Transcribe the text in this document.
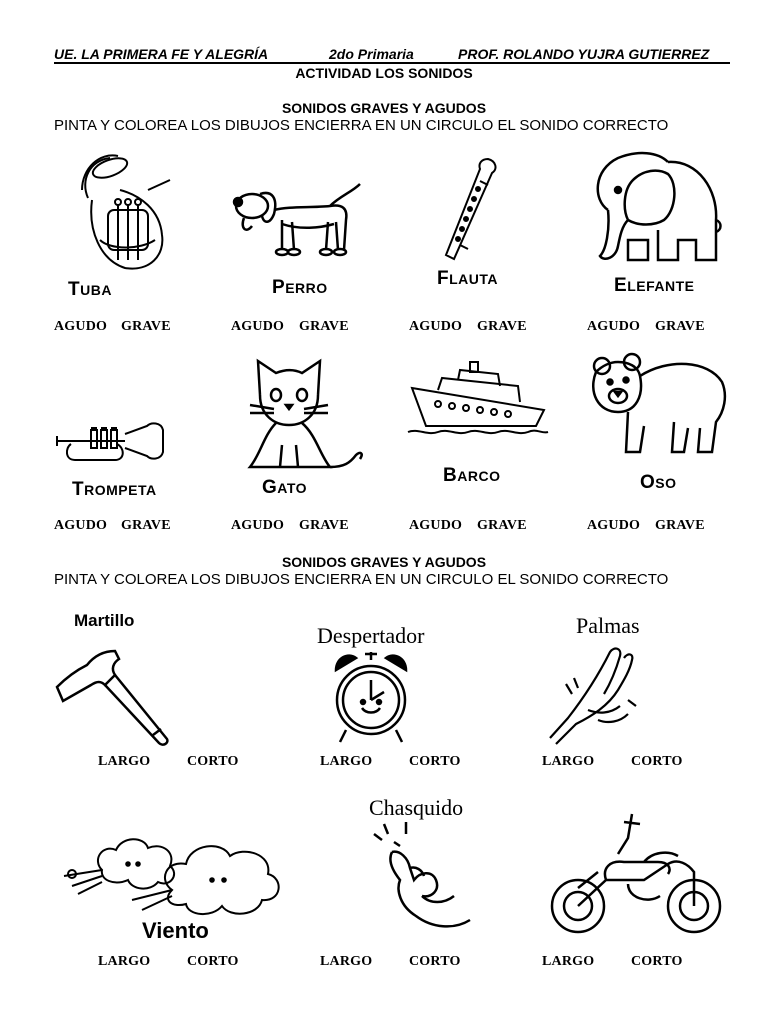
UE. LA PRIMERA FE Y ALEGRÍA	2do Primaria	PROF. ROLANDO YUJRA GUTIERREZ
ACTIVIDAD LOS SONIDOS
SONIDOS GRAVES Y AGUDOS
PINTA Y COLOREA LOS DIBUJOS ENCIERRA EN UN CIRCULO EL SONIDO CORRECTO
TUBA	PERRO	FLAUTA	ELEFANTE
AGUDO GRAVE	AGUDO GRAVE	AGUDO GRAVE	AGUDO GRAVE
TROMPETA	GATO
BARCO	OSO
AGUDO GRAVE	AGUDO GRAVE	AGUDO GRAVE	AGUDO GRAVE
SONIDOS GRAVES Y AGUDOS
PINTA Y COLOREA LOS DIBUJOS ENCIERRA EN UN CIRCULO EL SONIDO CORRECTO
Martillo
Despertador	Palmas
LARGO	CORTO	LARGO	CORTO	LARGO	CORTO
Viento
Chasquido
LARGO	CORTO	LARGO	CORTO	LARGO	CORTO
